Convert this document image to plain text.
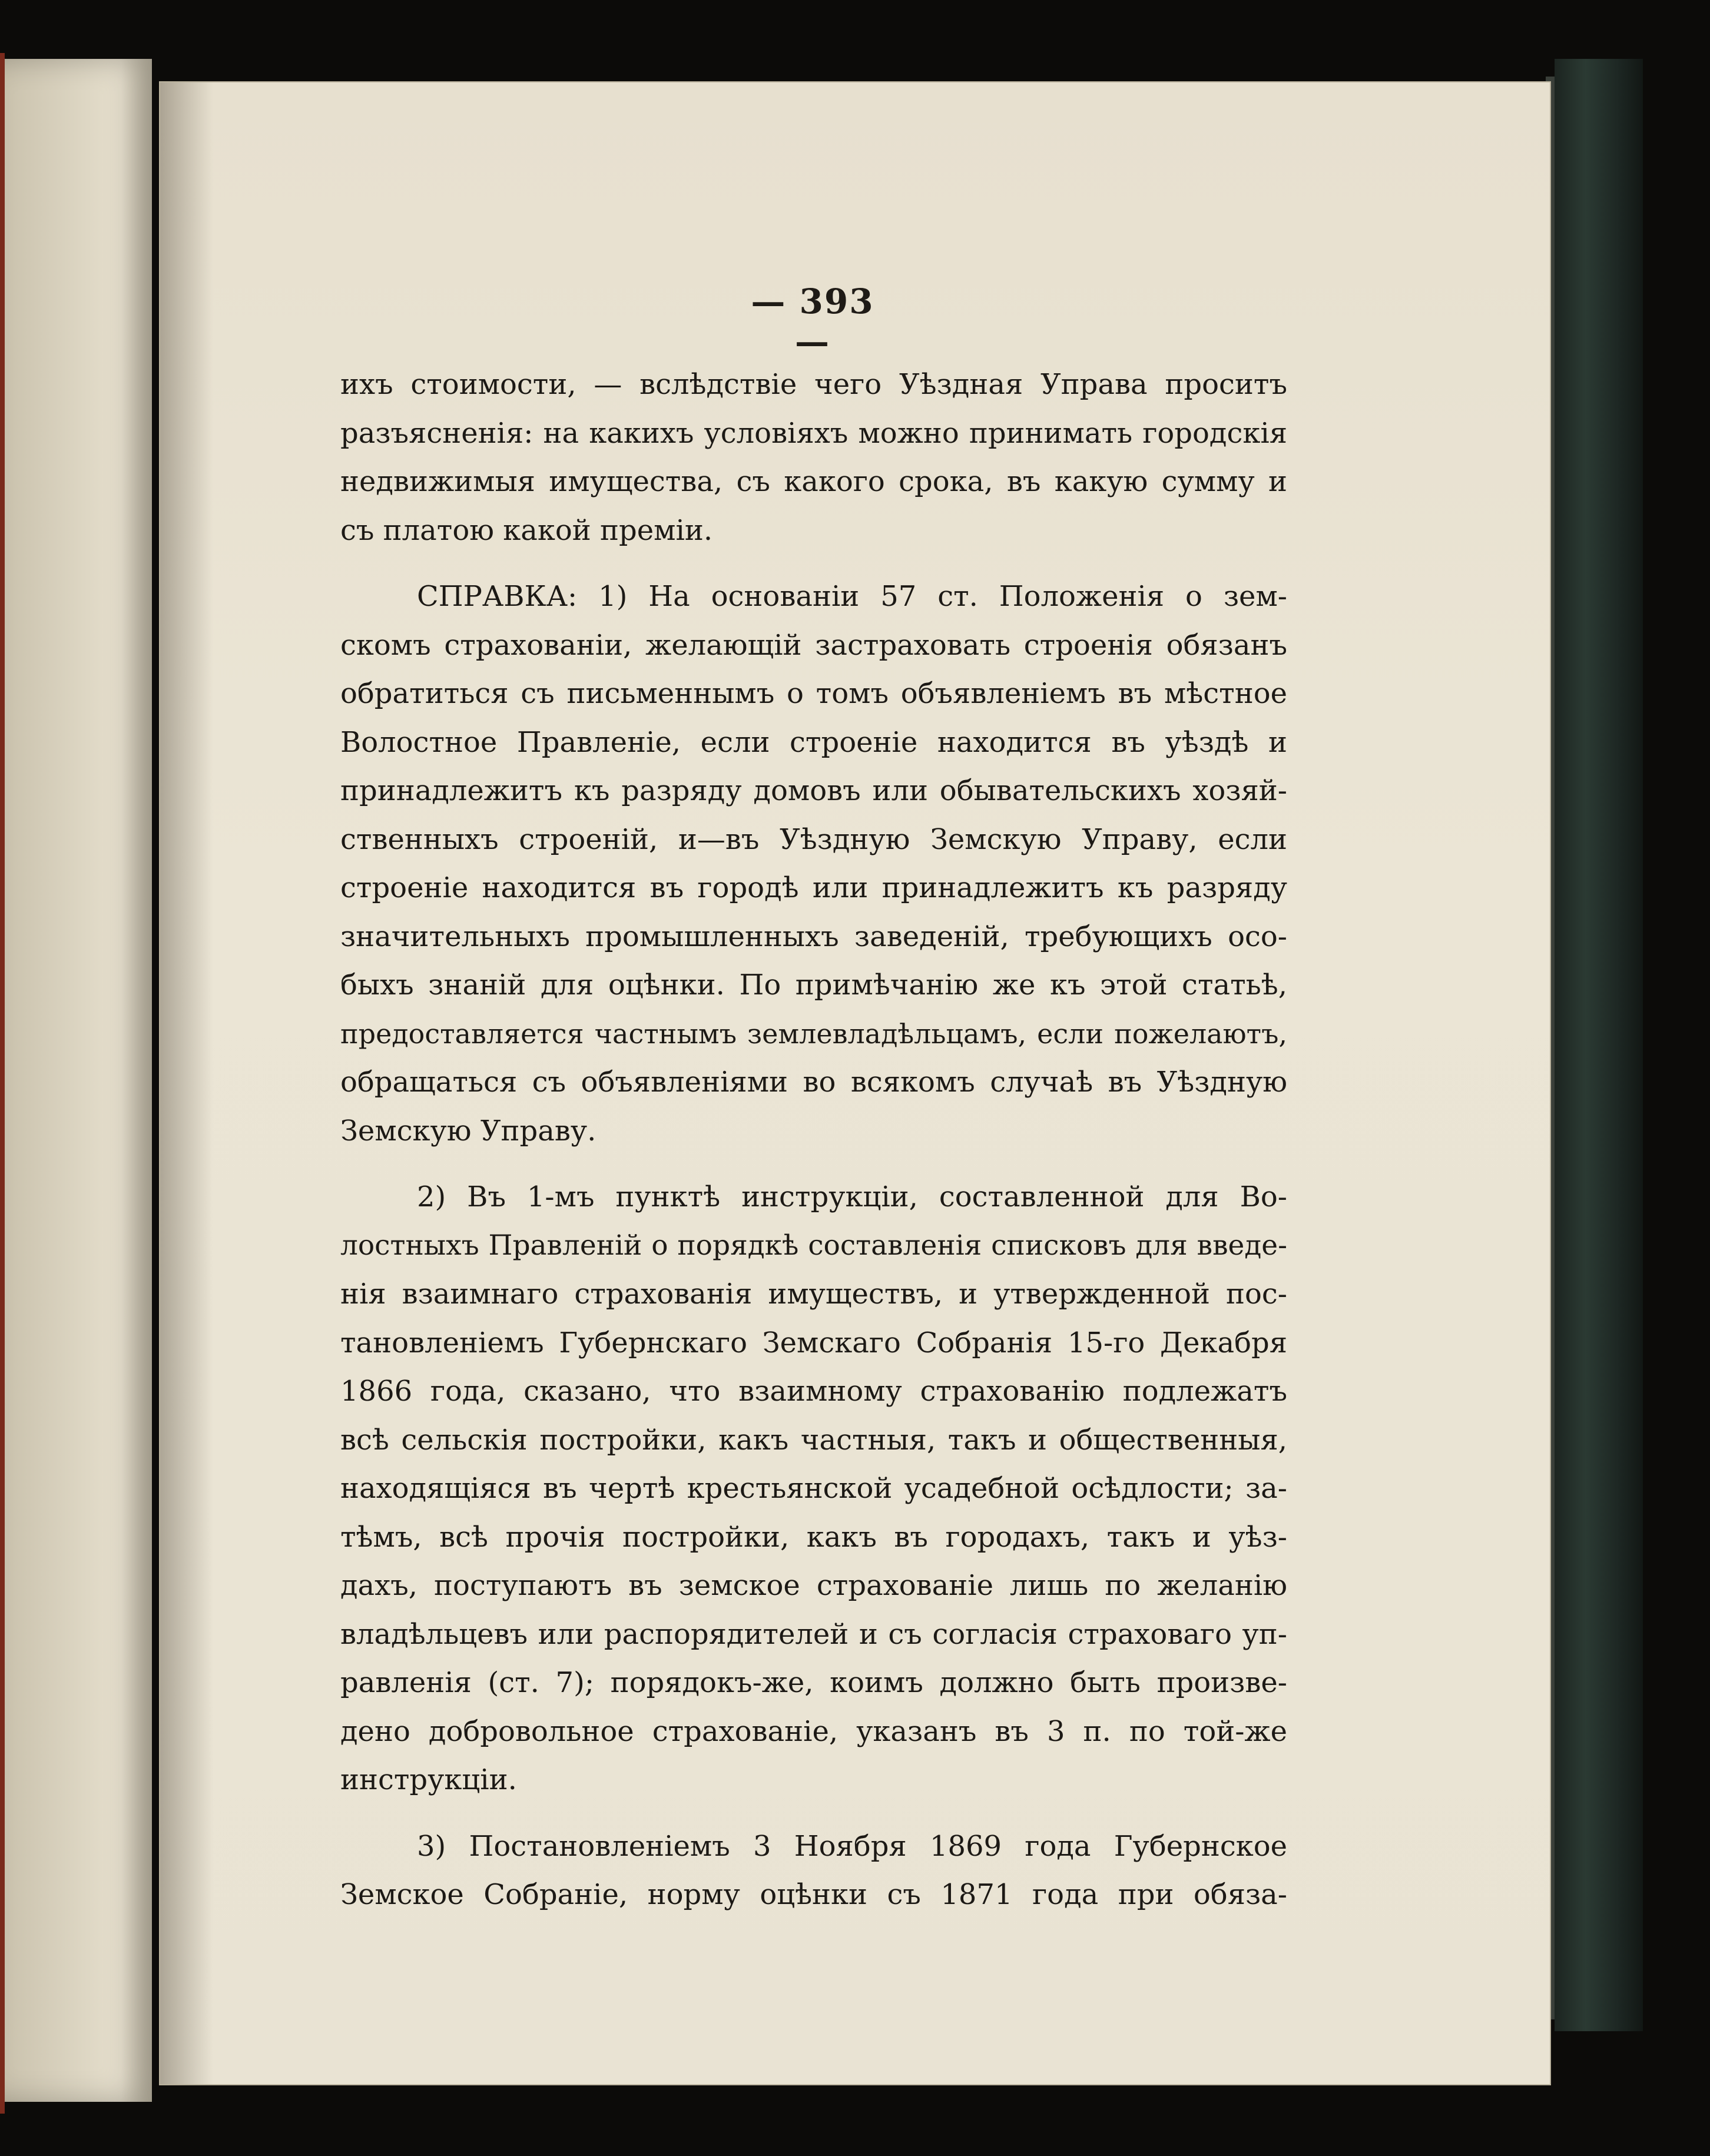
— 393 —
ихъ стоимости, — вслѣдствіе чего Уѣздная Управа проситъ
разъясненія: на какихъ условіяхъ можно принимать городскія
недвижимыя имущества, съ какого срока, въ какую сумму и
съ платою какой преміи.
СПРАВКА: 1) На основаніи 57 ст. Положенія о зем-
скомъ страхованіи, желающій застраховать строенія обязанъ
обратиться съ письменнымъ о томъ объявленіемъ въ мѣстное
Волостное Правленіе, если строеніе находится въ уѣздѣ и
принадлежитъ къ разряду домовъ или обывательскихъ хозяй-
ственныхъ строеній, и—въ Уѣздную Земскую Управу, если
строеніе находится въ городѣ или принадлежитъ къ разряду
значительныхъ промышленныхъ заведеній, требующихъ осо-
быхъ знаній для оцѣнки. По примѣчанію же къ этой статьѣ,
предоставляется частнымъ землевладѣльцамъ, если пожелаютъ,
обращаться съ объявленіями во всякомъ случаѣ въ Уѣздную
Земскую Управу.
2) Въ 1-мъ пунктѣ инструкціи, составленной для Во-
лостныхъ Правленій о порядкѣ составленія списковъ для введе-
нія взаимнаго страхованія имуществъ, и утвержденной пос-
тановленіемъ Губернскаго Земскаго Собранія 15-го Декабря
1866 года, сказано, что взаимному страхованію подлежатъ
всѣ сельскія постройки, какъ частныя, такъ и общественныя,
находящіяся въ чертѣ крестьянской усадебной осѣдлости; за-
тѣмъ, всѣ прочія постройки, какъ въ городахъ, такъ и уѣз-
дахъ, поступаютъ въ земское страхованіе лишь по желанію
владѣльцевъ или распорядителей и съ согласія страховаго уп-
равленія (ст. 7); порядокъ-же, коимъ должно быть произве-
дено добровольное страхованіе, указанъ въ 3 п. по той-же
инструкціи.
3) Постановленіемъ 3 Ноября 1869 года Губернское
Земское Собраніе, норму оцѣнки съ 1871 года при обяза-
